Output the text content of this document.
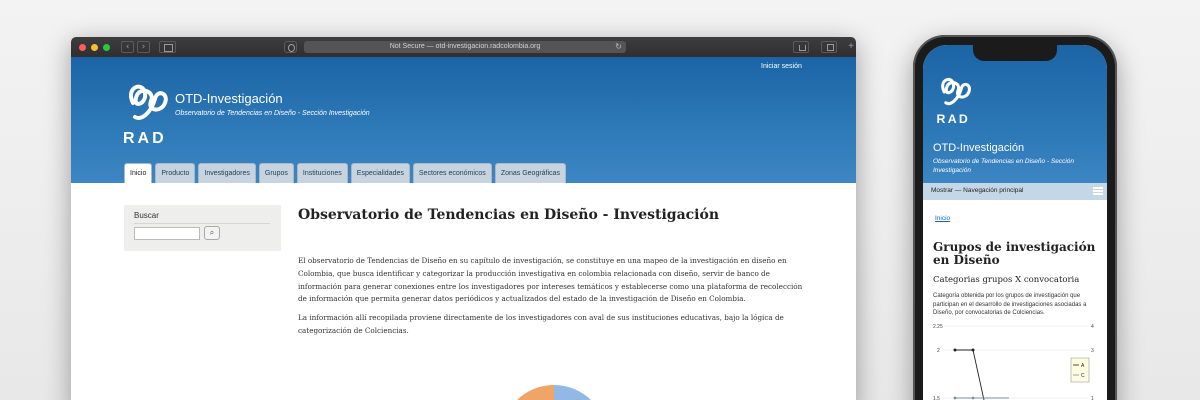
‹	›	Not Secure — otd-investigacion.radcolombia.org	↻	+
Iniciar sesión
RAD
OTD-Investigación
Observatorio de Tendencias en Diseño - Sección Investigación
Inicio	Producto	Investigadores	Grupos	Instituciones	Especialidades	Sectores económicos	Zonas Geográficas
Buscar
⌕
Observatorio de Tendencias en Diseño - Investigación

El observatorio de Tendencias de Diseño en su capítulo de investigación, se constituye en una mapeo de la investigación en diseño en Colombia, que busca identificar y categorizar la producción investigativa en colombia relacionada con diseño, servir de banco de información para generar conexiones entre los investigadores por intereses temáticos y establecerse como una plataforma de recolección de información que permita generar datos periódicos y actualizados del estado de la investigación de Diseño en Colombia.

La información allí recopilada proviene directamente de los investigadores con aval de sus instituciones educativas, bajo la lógica de categorización de Colciencias.

RAD
OTD-Investigación
Observatorio de Tendencias en Diseño - Sección Investigación
Mostrar — Navegación principal
Inicio
Grupos de investigación en Diseño
Categorias grupos X convocatoria
Categoría obtenida por los grupos de investigación que participan en el desarrollo de investigaciones asociadas a Diseño, por convocatorias de Colciencias.
2.25
2
1.5
4
3
1
A
C
